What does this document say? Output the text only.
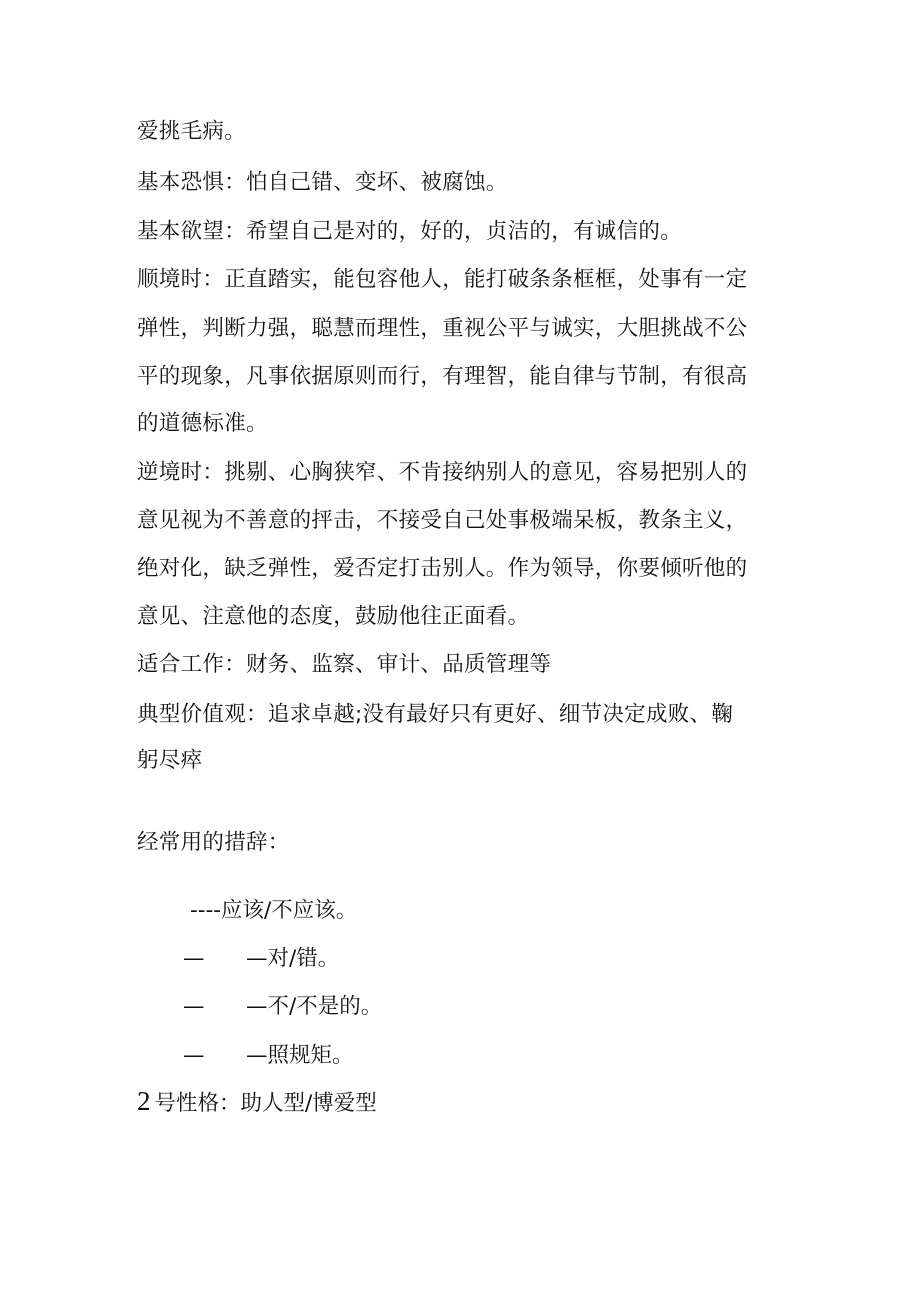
爱挑毛病。
基本恐惧：怕自己错、变坏、被腐蚀。
基本欲望：希望自己是对的，好的，贞洁的，有诚信的。
顺境时：正直踏实，能包容他人，能打破条条框框，处事有一定
弹性，判断力强，聪慧而理性，重视公平与诚实，大胆挑战不公
平的现象，凡事依据原则而行，有理智，能自律与节制，有很高
的道德标准。
逆境时：挑剔、心胸狭窄、不肯接纳别人的意见，容易把别人的
意见视为不善意的抨击，不接受自己处事极端呆板，教条主义，
绝对化，缺乏弹性，爱否定打击别人。作为领导，你要倾听他的
意见、注意他的态度，鼓励他往正面看。
适合工作：财务、监察、审计、品质管理等
典型价值观：追求卓越;没有最好只有更好、细节决定成败、鞠
躬尽瘁
经常用的措辞：
----应该/不应该。
— —对/错。
— —不/不是的。
— —照规矩。
2 号性格：助人型/博爱型
